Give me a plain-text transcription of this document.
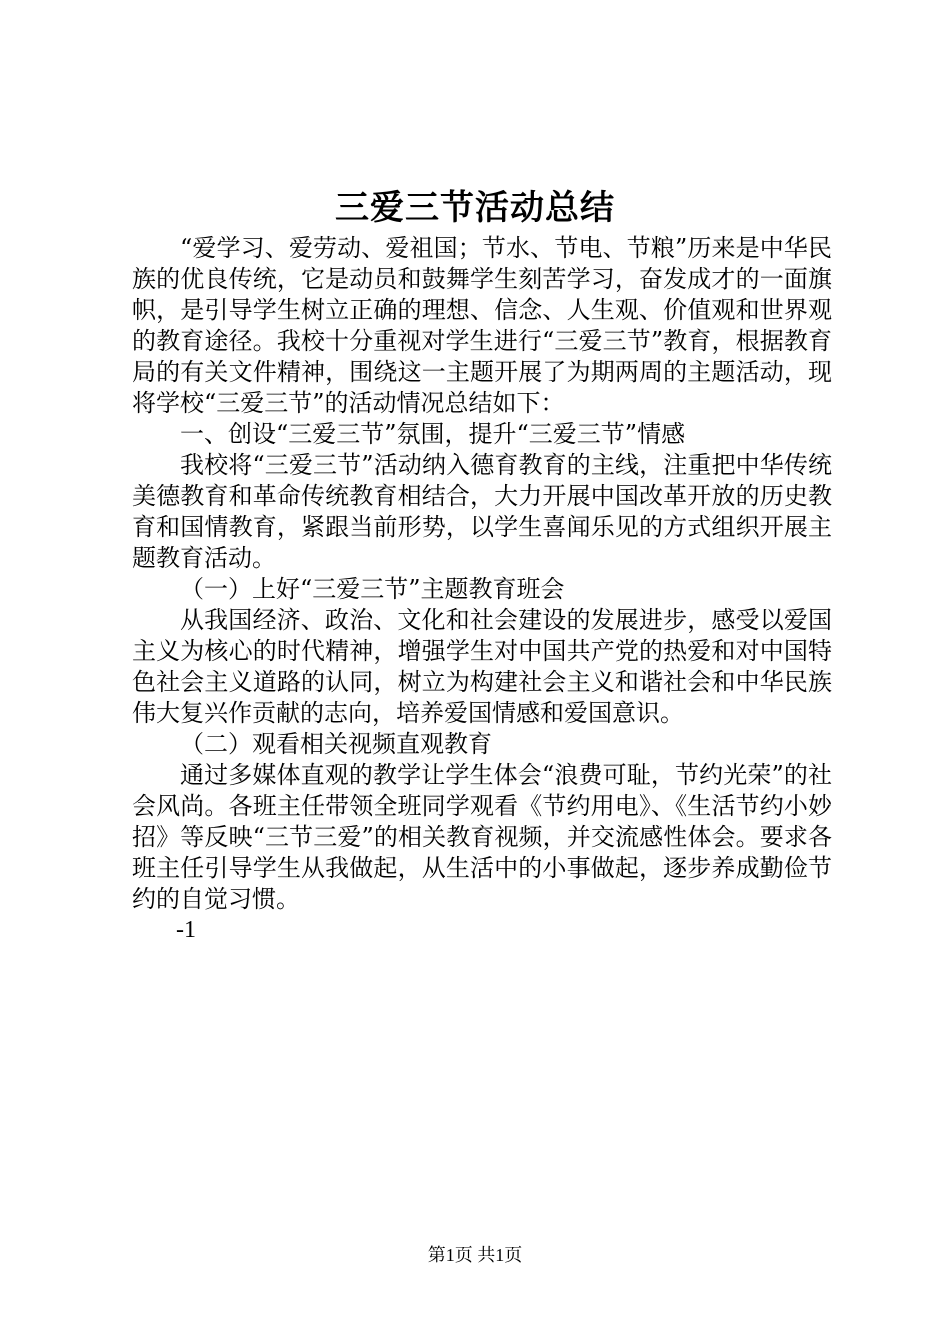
三爱三节活动总结

“爱学习、爱劳动、爱祖国；节水、节电、节粮”历来是中华民族的优良传统，它是动员和鼓舞学生刻苦学习，奋发成才的一面旗帜，是引导学生树立正确的理想、信念、人生观、价值观和世界观的教育途径。我校十分重视对学生进行“三爱三节”教育，根据教育局的有关文件精神，围绕这一主题开展了为期两周的主题活动，现将学校“三爱三节”的活动情况总结如下：

一、创设“三爱三节”氛围，提升“三爱三节”情感

我校将“三爱三节”活动纳入德育教育的主线，注重把中华传统美德教育和革命传统教育相结合，大力开展中国改革开放的历史教育和国情教育，紧跟当前形势，以学生喜闻乐见的方式组织开展主题教育活动。

（一）上好“三爱三节”主题教育班会

从我国经济、政治、文化和社会建设的发展进步，感受以爱国主义为核心的时代精神，增强学生对中国共产党的热爱和对中国特色社会主义道路的认同，树立为构建社会主义和谐社会和中华民族伟大复兴作贡献的志向，培养爱国情感和爱国意识。

（二）观看相关视频直观教育

通过多媒体直观的教学让学生体会“浪费可耻，节约光荣”的社会风尚。各班主任带领全班同学观看《节约用电》、《生活节约小妙招》等反映“三节三爱”的相关教育视频，并交流感性体会。要求各班主任引导学生从我做起，从生活中的小事做起，逐步养成勤俭节约的自觉习惯。

-1

第1页 共1页
